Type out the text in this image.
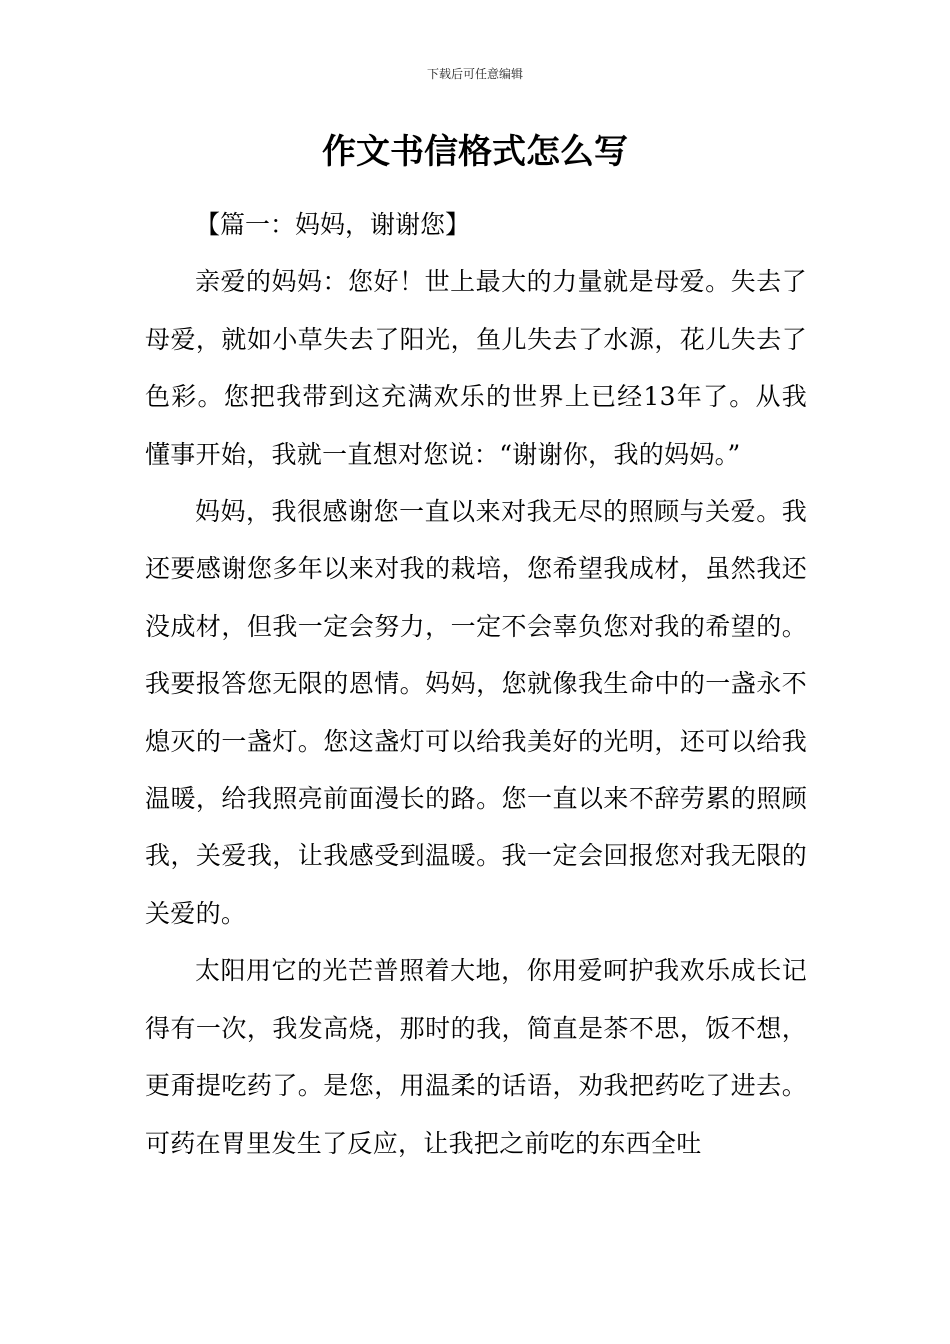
下载后可任意编辑
作文书信格式怎么写

【篇一：妈妈，谢谢您】

亲爱的妈妈：您好！世上最大的力量就是母爱。失去了母爱，就如小草失去了阳光，鱼儿失去了水源，花儿失去了色彩。您把我带到这充满欢乐的世界上已经13年了。从我懂事开始，我就一直想对您说：“谢谢你，我的妈妈。”

妈妈，我很感谢您一直以来对我无尽的照顾与关爱。我还要感谢您多年以来对我的栽培，您希望我成材，虽然我还没成材，但我一定会努力，一定不会辜负您对我的希望的。我要报答您无限的恩情。妈妈，您就像我生命中的一盏永不熄灭的一盏灯。您这盏灯可以给我美好的光明，还可以给我温暖，给我照亮前面漫长的路。您一直以来不辞劳累的照顾我，关爱我，让我感受到温暖。我一定会回报您对我无限的关爱的。

太阳用它的光芒普照着大地，你用爱呵护我欢乐成长记得有一次，我发高烧，那时的我，简直是茶不思，饭不想，更甭提吃药了。是您，用温柔的话语，劝我把药吃了进去。可药在胃里发生了反应，让我把之前吃的东西全吐
